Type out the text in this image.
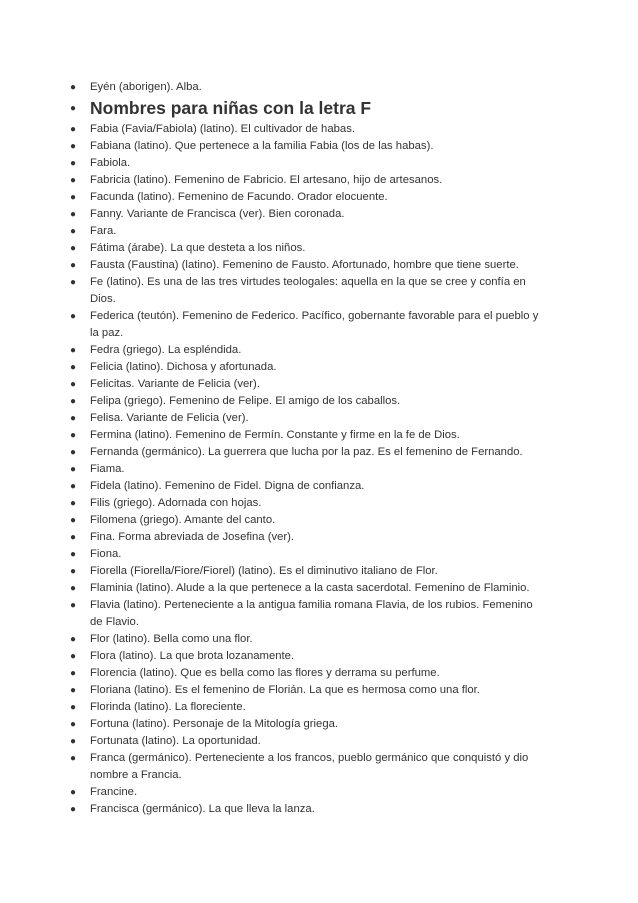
● Eyén (aborigen). Alba.
● Nombres para niñas con la letra F
● Fabia (Favia/Fabiola) (latino). El cultivador de habas.
● Fabiana (latino). Que pertenece a la familia Fabia (los de las habas).
● Fabiola.
● Fabricia (latino). Femenino de Fabricio. El artesano, hijo de artesanos.
● Facunda (latino). Femenino de Facundo. Orador elocuente.
● Fanny. Variante de Francisca (ver). Bien coronada.
● Fara.
● Fátima (árabe). La que desteta a los niños.
● Fausta (Faustina) (latino). Femenino de Fausto. Afortunado, hombre que tiene suerte.
● Fe (latino). Es una de las tres virtudes teologales: aquella en la que se cree y confía en Dios.
● Federica (teutón). Femenino de Federico. Pacífico, gobernante favorable para el pueblo y la paz.
● Fedra (griego). La espléndida.
● Felicia (latino). Dichosa y afortunada.
● Felicitas. Variante de Felicia (ver).
● Felipa (griego). Femenino de Felipe. El amigo de los caballos.
● Felisa. Variante de Felicia (ver).
● Fermina (latino). Femenino de Fermín. Constante y firme en la fe de Dios.
● Fernanda (germánico). La guerrera que lucha por la paz. Es el femenino de Fernando.
● Fiama.
● Fidela (latino). Femenino de Fidel. Digna de confianza.
● Filis (griego). Adornada con hojas.
● Filomena (griego). Amante del canto.
● Fina. Forma abreviada de Josefina (ver).
● Fiona.
● Fiorella (Fiorella/Fiore/Fiorel) (latino). Es el diminutivo italiano de Flor.
● Flaminia (latino). Alude a la que pertenece a la casta sacerdotal. Femenino de Flaminio.
● Flavia (latino). Perteneciente a la antigua familia romana Flavia, de los rubios. Femenino de Flavio.
● Flor (latino). Bella como una flor.
● Flora (latino). La que brota lozanamente.
● Florencia (latino). Que es bella como las flores y derrama su perfume.
● Floriana (latino). Es el femenino de Florián. La que es hermosa como una flor.
● Florinda (latino). La floreciente.
● Fortuna (latino). Personaje de la Mitología griega.
● Fortunata (latino). La oportunidad.
● Franca (germánico). Perteneciente a los francos, pueblo germánico que conquistó y dio nombre a Francia.
● Francine.
● Francisca (germánico). La que lleva la lanza.
